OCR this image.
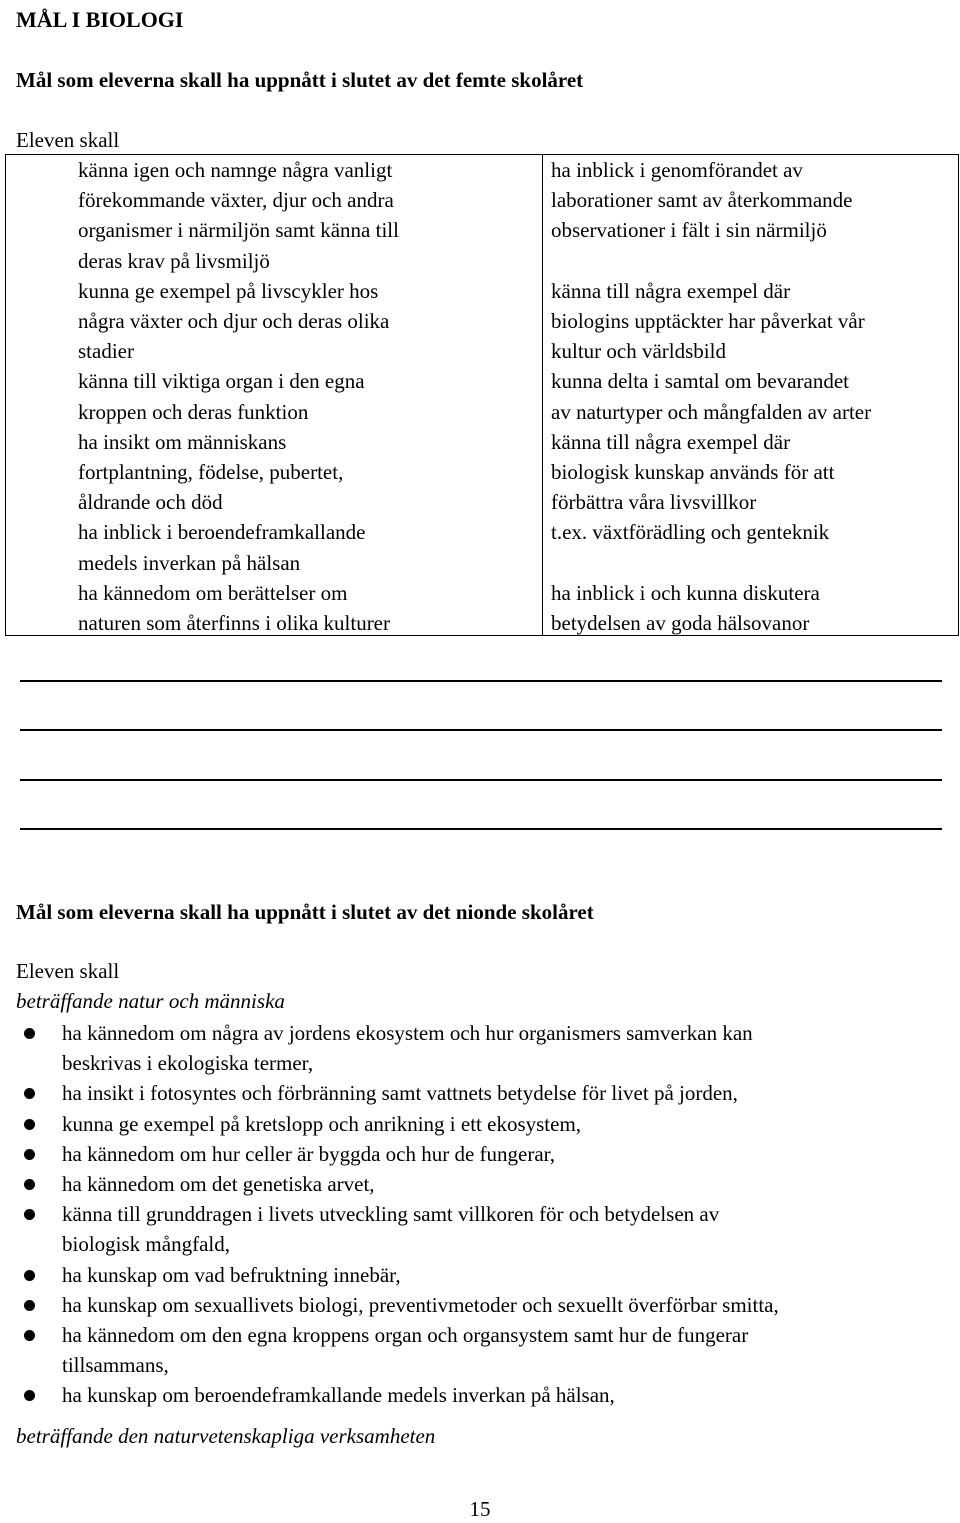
MÅL I BIOLOGI
Mål som eleverna skall ha uppnått i slutet av det femte skolåret

Eleven skall

känna igen och namnge några vanligt
förekommande växter, djur och andra
organismer i närmiljön samt känna till
deras krav på livsmiljö

kunna ge exempel på livscykler hos
några växter och djur och deras olika
stadier

känna till viktiga organ i den egna
kroppen och deras funktion

ha insikt om människans
fortplantning, födelse, pubertet,
åldrande och död

ha inblick i beroendeframkallande
medels inverkan på hälsan

ha kännedom om berättelser om
naturen som återfinns i olika kulturer

ha inblick i genomförandet av
laborationer samt av återkommande
observationer i fält i sin närmiljö

känna till några exempel där
biologins upptäckter har påverkat vår
kultur och världsbild

kunna delta i samtal om bevarandet
av naturtyper och mångfalden av arter

känna till några exempel där
biologisk kunskap används för att
förbättra våra livsvillkor

t.ex. växtförädling och genteknik

ha inblick i och kunna diskutera
betydelsen av goda hälsovanor

Mål som eleverna skall ha uppnått i slutet av det nionde skolåret

Eleven skall

beträffande natur och människa

ha kännedom om några av jordens ekosystem och hur organismers samverkan kan
beskrivas i ekologiska termer,
ha insikt i fotosyntes och förbränning samt vattnets betydelse för livet på jorden,
kunna ge exempel på kretslopp och anrikning i ett ekosystem,
ha kännedom om hur celler är byggda och hur de fungerar,
ha kännedom om det genetiska arvet,
känna till grunddragen i livets utveckling samt villkoren för och betydelsen av
biologisk mångfald,
ha kunskap om vad befruktning innebär,
ha kunskap om sexuallivets biologi, preventivmetoder och sexuellt överförbar smitta,
ha kännedom om den egna kroppens organ och organsystem samt hur de fungerar
tillsammans,
ha kunskap om beroendeframkallande medels inverkan på hälsan,

beträffande den naturvetenskapliga verksamheten

15
